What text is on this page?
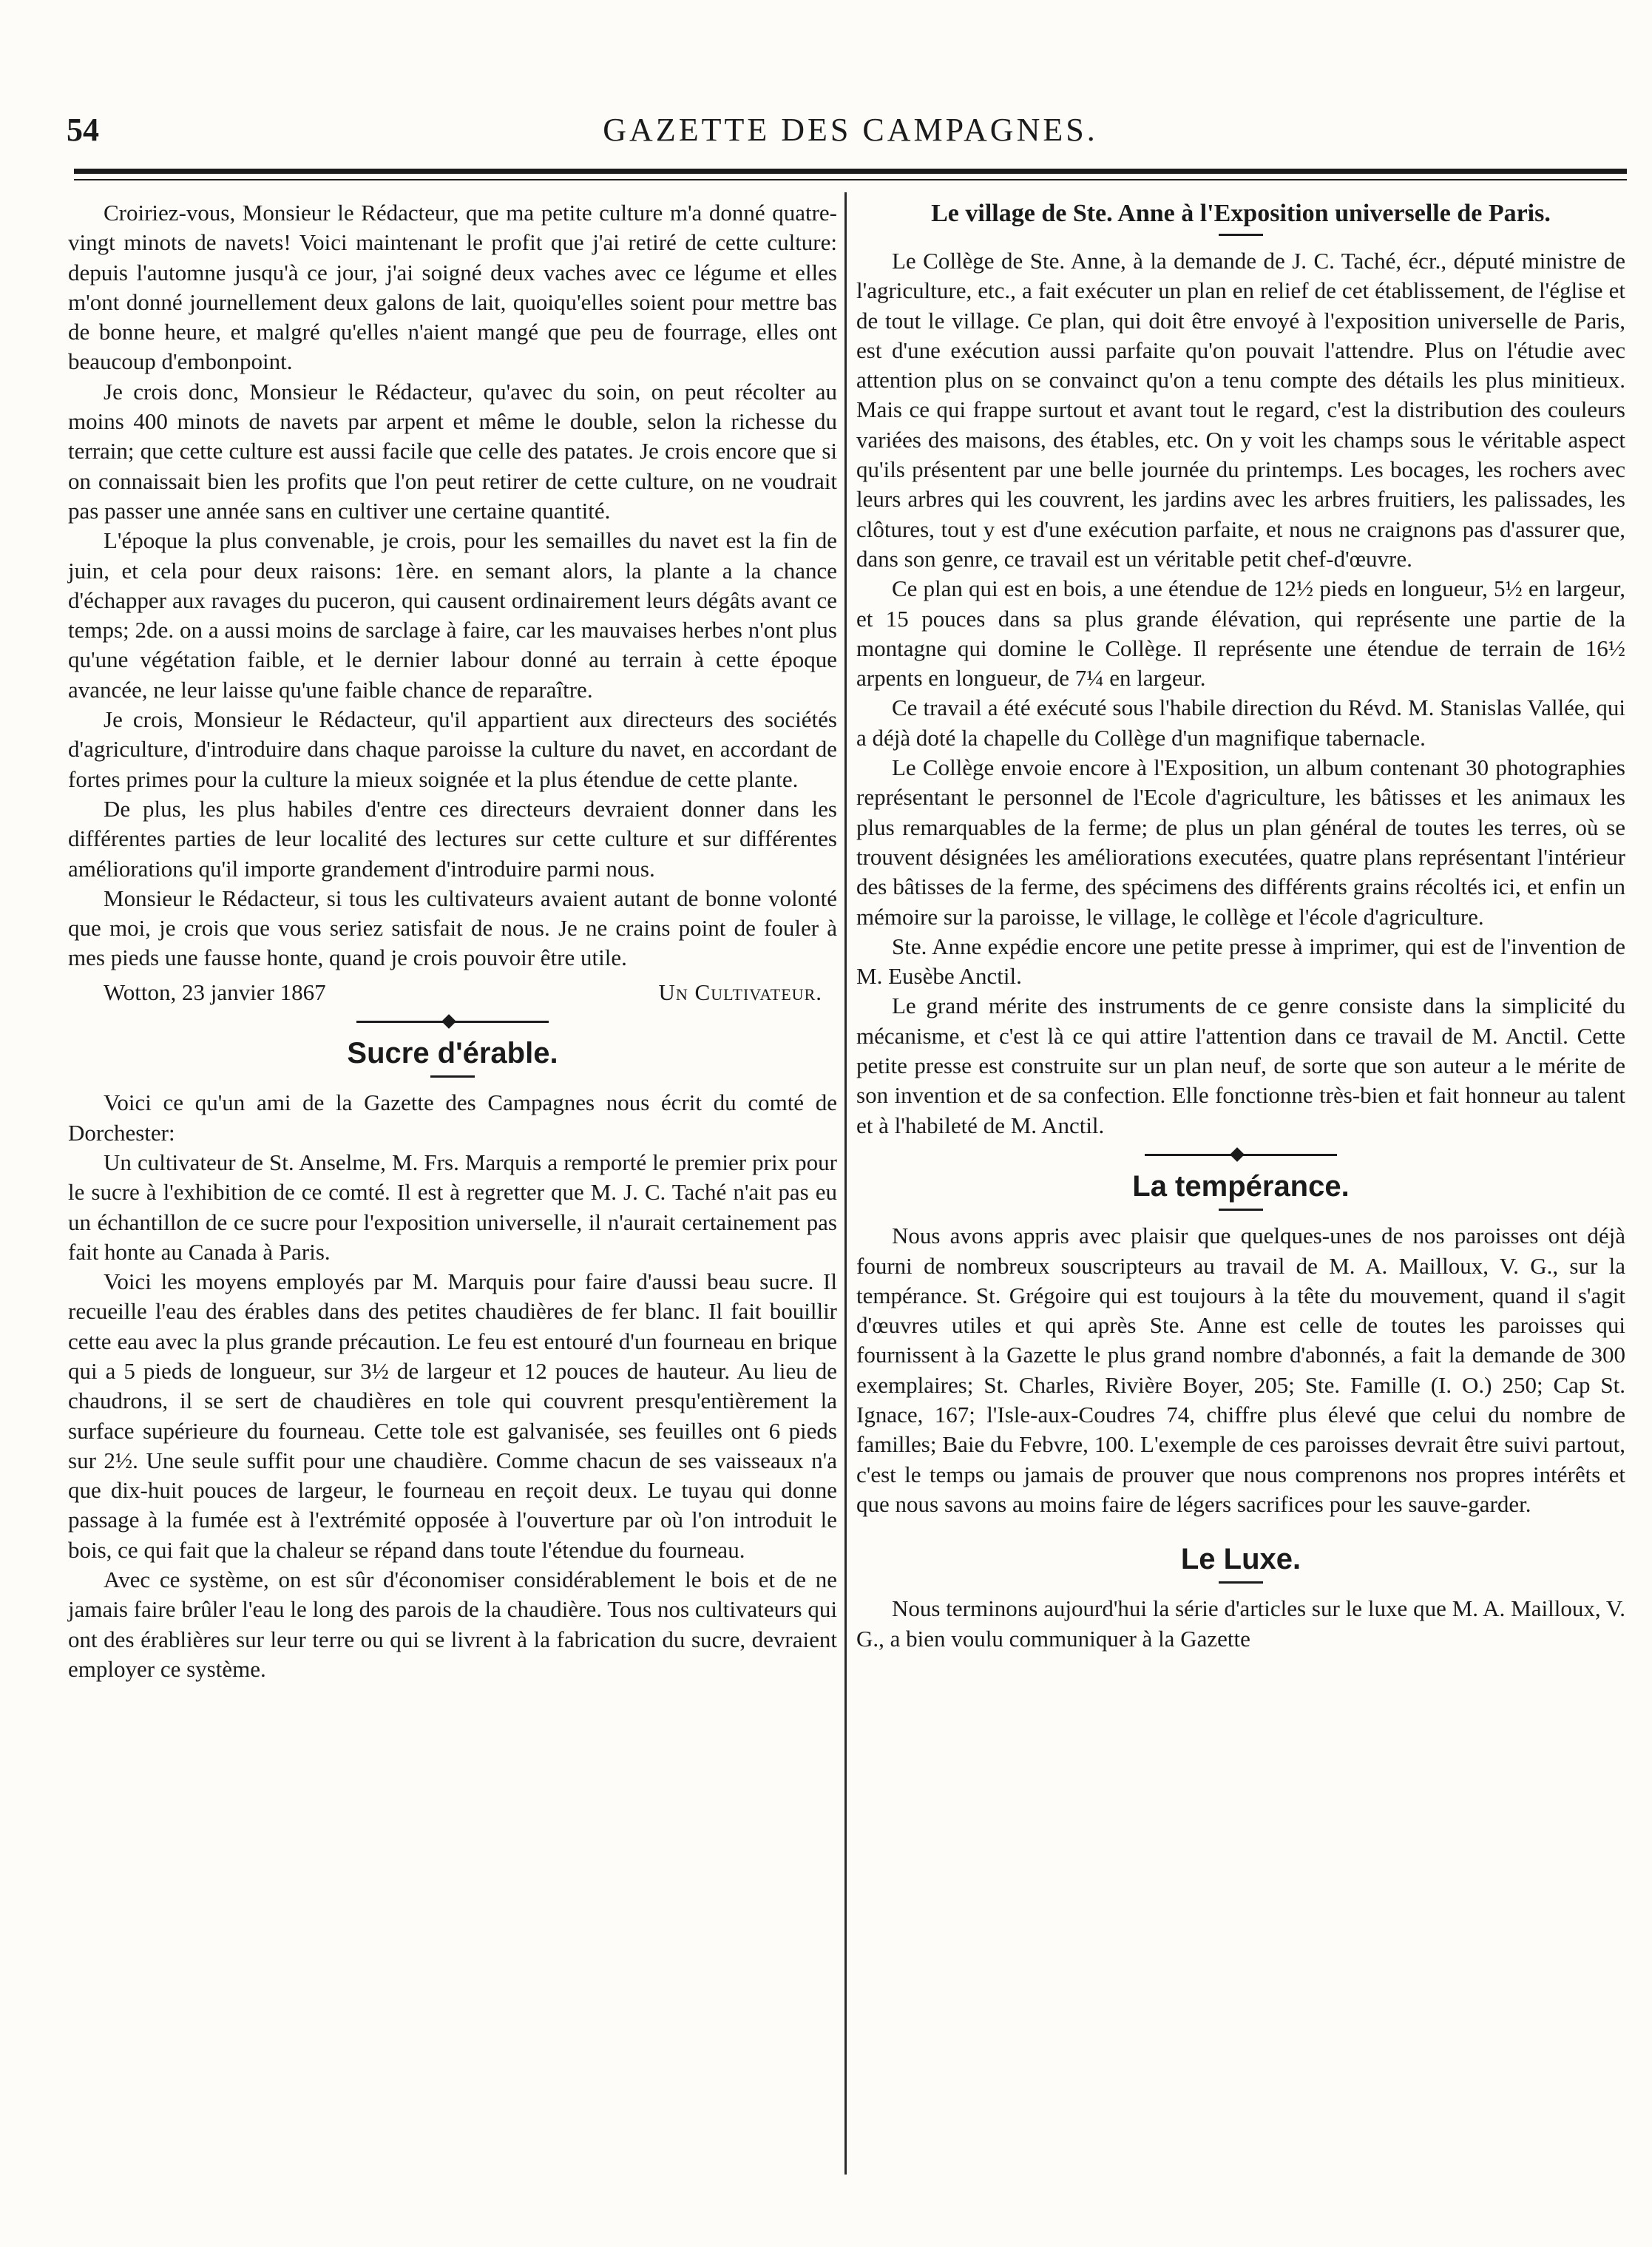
54	GAZETTE DES CAMPAGNES.

Croiriez-vous, Monsieur le Rédacteur, que ma petite culture m'a donné quatre-vingt minots de navets! Voici maintenant le profit que j'ai retiré de cette culture: depuis l'automne jusqu'à ce jour, j'ai soigné deux vaches avec ce légume et elles m'ont donné journellement deux galons de lait, quoiqu'elles soient pour mettre bas de bonne heure, et malgré qu'elles n'aient mangé que peu de fourrage, elles ont beaucoup d'embonpoint.

Je crois donc, Monsieur le Rédacteur, qu'avec du soin, on peut récolter au moins 400 minots de navets par arpent et même le double, selon la richesse du terrain; que cette culture est aussi facile que celle des patates. Je crois encore que si on connaissait bien les profits que l'on peut retirer de cette culture, on ne voudrait pas passer une année sans en cultiver une certaine quantité.

L'époque la plus convenable, je crois, pour les semailles du navet est la fin de juin, et cela pour deux raisons: 1ère. en semant alors, la plante a la chance d'échapper aux ravages du puceron, qui causent ordinairement leurs dégâts avant ce temps; 2de. on a aussi moins de sarclage à faire, car les mauvaises herbes n'ont plus qu'une végétation faible, et le dernier labour donné au terrain à cette époque avancée, ne leur laisse qu'une faible chance de reparaître.

Je crois, Monsieur le Rédacteur, qu'il appartient aux directeurs des sociétés d'agriculture, d'introduire dans chaque paroisse la culture du navet, en accordant de fortes primes pour la culture la mieux soignée et la plus étendue de cette plante.

De plus, les plus habiles d'entre ces directeurs devraient donner dans les différentes parties de leur localité des lectures sur cette culture et sur différentes améliorations qu'il importe grandement d'introduire parmi nous.

Monsieur le Rédacteur, si tous les cultivateurs avaient autant de bonne volonté que moi, je crois que vous seriez satisfait de nous. Je ne crains point de fouler à mes pieds une fausse honte, quand je crois pouvoir être utile.

Wotton, 23 janvier 1867	Un Cultivateur.
Sucre d'érable.

Voici ce qu'un ami de la Gazette des Campagnes nous écrit du comté de Dorchester:

Un cultivateur de St. Anselme, M. Frs. Marquis a remporté le premier prix pour le sucre à l'exhibition de ce comté. Il est à regretter que M. J. C. Taché n'ait pas eu un échantillon de ce sucre pour l'exposition universelle, il n'aurait certainement pas fait honte au Canada à Paris.

Voici les moyens employés par M. Marquis pour faire d'aussi beau sucre. Il recueille l'eau des érables dans des petites chaudières de fer blanc. Il fait bouillir cette eau avec la plus grande précaution. Le feu est entouré d'un fourneau en brique qui a 5 pieds de longueur, sur 3½ de largeur et 12 pouces de hauteur. Au lieu de chaudrons, il se sert de chaudières en tole qui couvrent presqu'entièrement la surface supérieure du fourneau. Cette tole est galvanisée, ses feuilles ont 6 pieds sur 2½. Une seule suffit pour une chaudière. Comme chacun de ses vaisseaux n'a que dix-huit pouces de largeur, le fourneau en reçoit deux. Le tuyau qui donne passage à la fumée est à l'extrémité opposée à l'ouverture par où l'on introduit le bois, ce qui fait que la chaleur se répand dans toute l'étendue du fourneau.

Avec ce système, on est sûr d'économiser considérablement le bois et de ne jamais faire brûler l'eau le long des parois de la chaudière. Tous nos cultivateurs qui ont des érablières sur leur terre ou qui se livrent à la fabrication du sucre, devraient employer ce système.

Le village de Ste. Anne à l'Exposition universelle de Paris.

Le Collège de Ste. Anne, à la demande de J. C. Taché, écr., député ministre de l'agriculture, etc., a fait exécuter un plan en relief de cet établissement, de l'église et de tout le village. Ce plan, qui doit être envoyé à l'exposition universelle de Paris, est d'une exécution aussi parfaite qu'on pouvait l'attendre. Plus on l'étudie avec attention plus on se convainct qu'on a tenu compte des détails les plus minitieux. Mais ce qui frappe surtout et avant tout le regard, c'est la distribution des couleurs variées des maisons, des étables, etc. On y voit les champs sous le véritable aspect qu'ils présentent par une belle journée du printemps. Les bocages, les rochers avec leurs arbres qui les couvrent, les jardins avec les arbres fruitiers, les palissades, les clôtures, tout y est d'une exécution parfaite, et nous ne craignons pas d'assurer que, dans son genre, ce travail est un véritable petit chef-d'œuvre.

Ce plan qui est en bois, a une étendue de 12½ pieds en longueur, 5½ en largeur, et 15 pouces dans sa plus grande élévation, qui représente une partie de la montagne qui domine le Collège. Il représente une étendue de terrain de 16½ arpents en longueur, de 7¼ en largeur.

Ce travail a été exécuté sous l'habile direction du Révd. M. Stanislas Vallée, qui a déjà doté la chapelle du Collège d'un magnifique tabernacle.

Le Collège envoie encore à l'Exposition, un album contenant 30 photographies représentant le personnel de l'Ecole d'agriculture, les bâtisses et les animaux les plus remarquables de la ferme; de plus un plan général de toutes les terres, où se trouvent désignées les améliorations executées, quatre plans représentant l'intérieur des bâtisses de la ferme, des spécimens des différents grains récoltés ici, et enfin un mémoire sur la paroisse, le village, le collège et l'école d'agriculture.

Ste. Anne expédie encore une petite presse à imprimer, qui est de l'invention de M. Eusèbe Anctil.

Le grand mérite des instruments de ce genre consiste dans la simplicité du mécanisme, et c'est là ce qui attire l'attention dans ce travail de M. Anctil. Cette petite presse est construite sur un plan neuf, de sorte que son auteur a le mérite de son invention et de sa confection. Elle fonctionne très-bien et fait honneur au talent et à l'habileté de M. Anctil.

La tempérance.

Nous avons appris avec plaisir que quelques-unes de nos paroisses ont déjà fourni de nombreux souscripteurs au travail de M. A. Mailloux, V. G., sur la tempérance. St. Grégoire qui est toujours à la tête du mouvement, quand il s'agit d'œuvres utiles et qui après Ste. Anne est celle de toutes les paroisses qui fournissent à la Gazette le plus grand nombre d'abonnés, a fait la demande de 300 exemplaires; St. Charles, Rivière Boyer, 205; Ste. Famille (I. O.) 250; Cap St. Ignace, 167; l'Isle-aux-Coudres 74, chiffre plus élevé que celui du nombre de familles; Baie du Febvre, 100. L'exemple de ces paroisses devrait être suivi partout, c'est le temps ou jamais de prouver que nous comprenons nos propres intérêts et que nous savons au moins faire de légers sacrifices pour les sauve-garder.

Le Luxe.

Nous terminons aujourd'hui la série d'articles sur le luxe que M. A. Mailloux, V. G., a bien voulu communiquer à la Gazette
